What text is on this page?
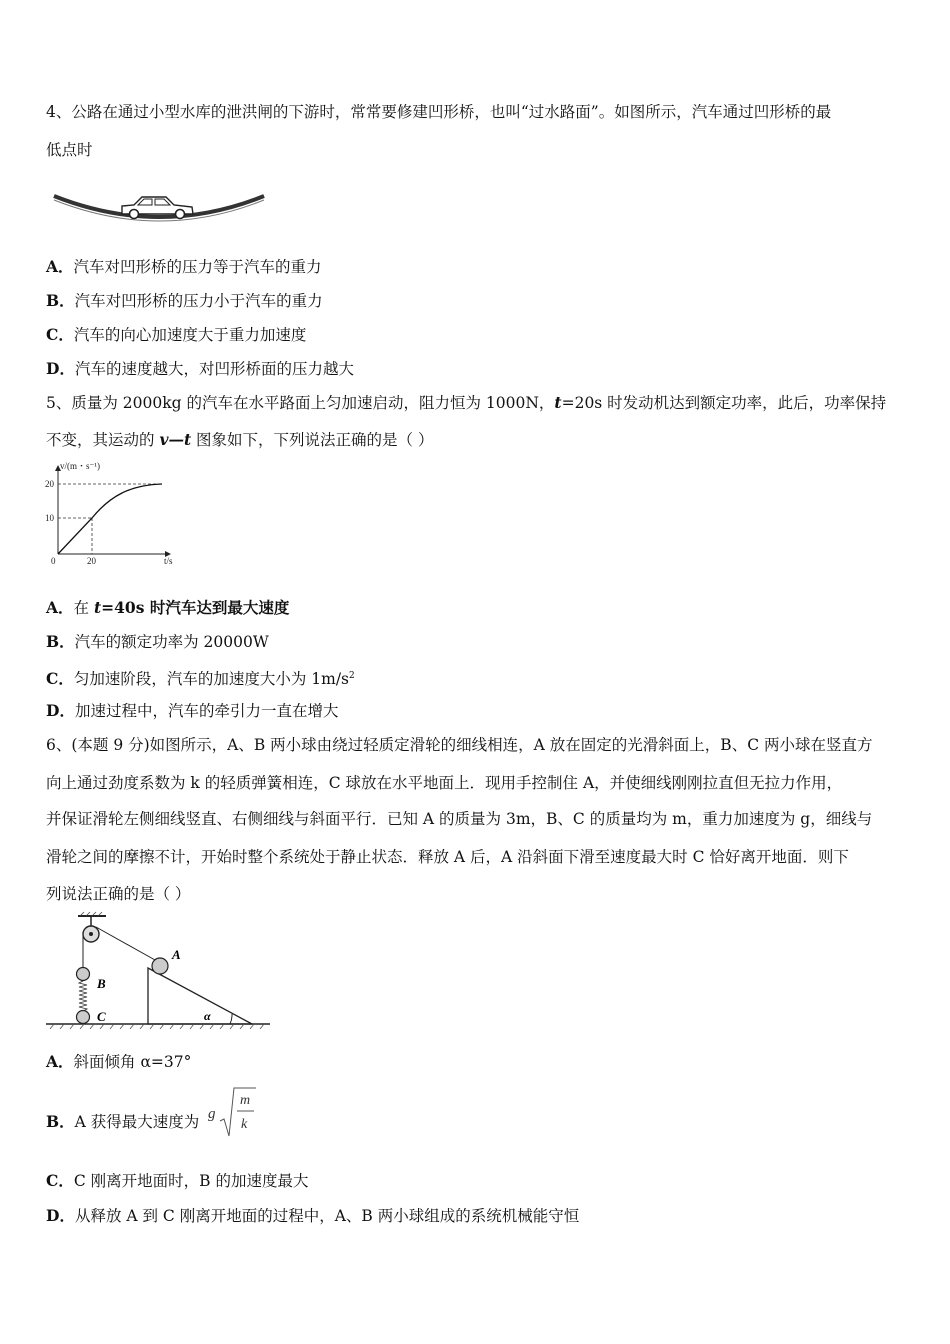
4、公路在通过小型水库的泄洪闸的下游时，常常要修建凹形桥，也叫“过水路面”。如图所示，汽车通过凹形桥的最
低点时
A．汽车对凹形桥的压力等于汽车的重力
B．汽车对凹形桥的压力小于汽车的重力
C．汽车的向心加速度大于重力加速度
D．汽车的速度越大，对凹形桥面的压力越大
5、质量为 2000kg 的汽车在水平路面上匀加速启动，阻力恒为 1000N，t=20s 时发动机达到额定功率，此后，功率保持
不变，其运动的 v—t 图象如下，下列说法正确的是（ ）
v/(m・s⁻¹)
20
10
0	20	t/s
A．在 t=40s 时汽车达到最大速度
B．汽车的额定功率为 20000W
C．匀加速阶段，汽车的加速度大小为 $1m/s^2$
D．加速过程中，汽车的牵引力一直在增大
6、(本题 9 分)如图所示，A、B 两小球由绕过轻质定滑轮的细线相连，A 放在固定的光滑斜面上，B、C 两小球在竖直方
向上通过劲度系数为 k 的轻质弹簧相连，C 球放在水平地面上．现用手控制住 A，并使细线刚刚拉直但无拉力作用，
并保证滑轮左侧细线竖直、右侧细线与斜面平行．已知 A 的质量为 3m，B、C 的质量均为 m，重力加速度为 g，细线与
滑轮之间的摩擦不计，开始时整个系统处于静止状态．释放 A 后，A 沿斜面下滑至速度最大时 C 恰好离开地面．则下
列说法正确的是（ ）
A
B
C	α
A．斜面倾角 α=37°
B．A 获得最大速度为 g
m
k
C．C 刚离开地面时，B 的加速度最大
D．从释放 A 到 C 刚离开地面的过程中，A、B 两小球组成的系统机械能守恒
